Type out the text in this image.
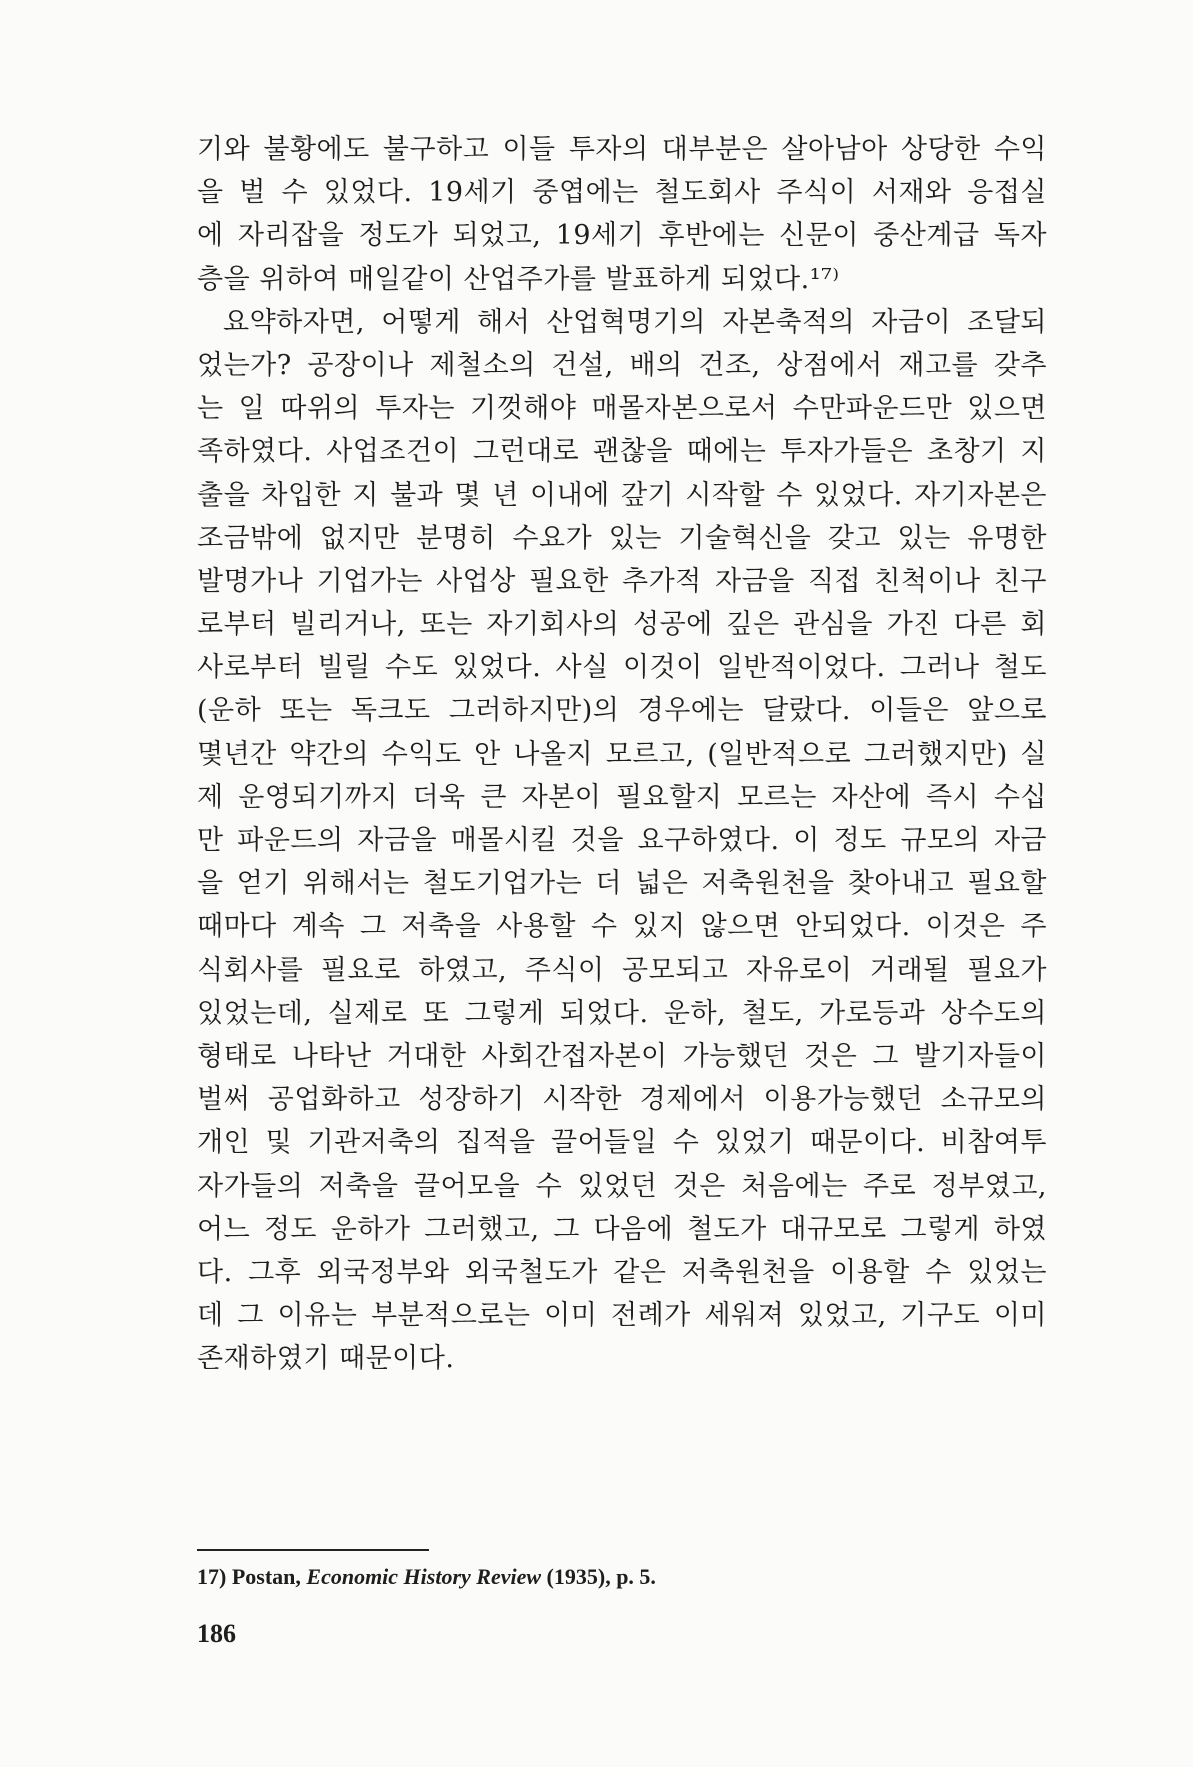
기와 불황에도 불구하고 이들 투자의 대부분은 살아남아 상당한 수익
을 벌 수 있었다. 19세기 중엽에는 철도회사 주식이 서재와 응접실
에 자리잡을 정도가 되었고, 19세기 후반에는 신문이 중산계급 독자
층을 위하여 매일같이 산업주가를 발표하게 되었다.¹⁷⁾
요약하자면, 어떻게 해서 산업혁명기의 자본축적의 자금이 조달되
었는가? 공장이나 제철소의 건설, 배의 건조, 상점에서 재고를 갖추
는 일 따위의 투자는 기껏해야 매몰자본으로서 수만파운드만 있으면
족하였다. 사업조건이 그런대로 괜찮을 때에는 투자가들은 초창기 지
출을 차입한 지 불과 몇 년 이내에 갚기 시작할 수 있었다. 자기자본은
조금밖에 없지만 분명히 수요가 있는 기술혁신을 갖고 있는 유명한
발명가나 기업가는 사업상 필요한 추가적 자금을 직접 친척이나 친구
로부터 빌리거나, 또는 자기회사의 성공에 깊은 관심을 가진 다른 회
사로부터 빌릴 수도 있었다. 사실 이것이 일반적이었다. 그러나 철도
(운하 또는 독크도 그러하지만)의 경우에는 달랐다. 이들은 앞으로
몇년간 약간의 수익도 안 나올지 모르고, (일반적으로 그러했지만) 실
제 운영되기까지 더욱 큰 자본이 필요할지 모르는 자산에 즉시 수십
만 파운드의 자금을 매몰시킬 것을 요구하였다. 이 정도 규모의 자금
을 얻기 위해서는 철도기업가는 더 넓은 저축원천을 찾아내고 필요할
때마다 계속 그 저축을 사용할 수 있지 않으면 안되었다. 이것은 주
식회사를 필요로 하였고, 주식이 공모되고 자유로이 거래될 필요가
있었는데, 실제로 또 그렇게 되었다. 운하, 철도, 가로등과 상수도의
형태로 나타난 거대한 사회간접자본이 가능했던 것은 그 발기자들이
벌써 공업화하고 성장하기 시작한 경제에서 이용가능했던 소규모의
개인 및 기관저축의 집적을 끌어들일 수 있었기 때문이다. 비참여투
자가들의 저축을 끌어모을 수 있었던 것은 처음에는 주로 정부였고,
어느 정도 운하가 그러했고, 그 다음에 철도가 대규모로 그렇게 하였
다. 그후 외국정부와 외국철도가 같은 저축원천을 이용할 수 있었는
데 그 이유는 부분적으로는 이미 전례가 세워져 있었고, 기구도 이미
존재하였기 때문이다.
17) Postan, Economic History Review (1935), p. 5.
186
